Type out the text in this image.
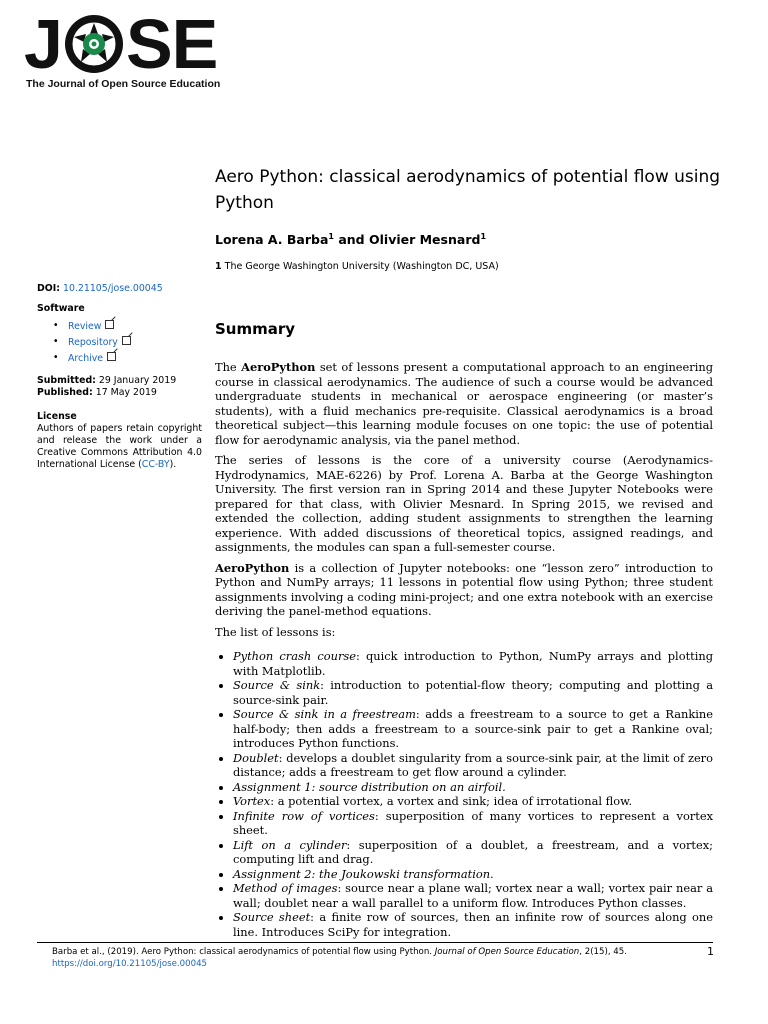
J SE
The Journal of Open Source Education
Aero Python: classical aerodynamics of potential flow using Python
Lorena A. Barba$^1$ and Olivier Mesnard$^1$
1 The George Washington University (Washington DC, USA)
DOI: 10.21105/jose.00045
Software
• Review
• Repository
• Archive
Submitted: 29 January 2019
Published: 17 May 2019
License
Authors of papers retain copyright and release the work under a Creative Commons Attribution 4.0 International License (CC-BY).
Summary

The AeroPython set of lessons present a computational approach to an engineering course in classical aerodynamics. The audience of such a course would be advanced undergraduate students in mechanical or aerospace engineering (or master’s students), with a fluid mechanics pre-requisite. Classical aerodynamics is a broad theoretical subject—this learning module focuses on one topic: the use of potential flow for aerodynamic analysis, via the panel method.

The series of lessons is the core of a university course (Aerodynamics-Hydrodynamics, MAE-6226) by Prof. Lorena A. Barba at the George Washington University. The first version ran in Spring 2014 and these Jupyter Notebooks were prepared for that class, with Olivier Mesnard. In Spring 2015, we revised and extended the collection, adding student assignments to strengthen the learning experience. With added discussions of theoretical topics, assigned readings, and assignments, the modules can span a full-semester course.

AeroPython is a collection of Jupyter notebooks: one “lesson zero” introduction to Python and NumPy arrays; 11 lessons in potential flow using Python; three student assignments involving a coding mini-project; and one extra notebook with an exercise deriving the panel-method equations.

The list of lessons is:

• Python crash course: quick introduction to Python, NumPy arrays and plotting with Matplotlib.
• Source & sink: introduction to potential-flow theory; computing and plotting a source-sink pair.
• Source & sink in a freestream: adds a freestream to a source to get a Rankine half-body; then adds a freestream to a source-sink pair to get a Rankine oval; introduces Python functions.
• Doublet: develops a doublet singularity from a source-sink pair, at the limit of zero distance; adds a freestream to get flow around a cylinder.
• Assignment 1: source distribution on an airfoil.
• Vortex: a potential vortex, a vortex and sink; idea of irrotational flow.
• Infinite row of vortices: superposition of many vortices to represent a vortex sheet.
• Lift on a cylinder: superposition of a doublet, a freestream, and a vortex; computing lift and drag.
• Assignment 2: the Joukowski transformation.
• Method of images: source near a plane wall; vortex near a wall; vortex pair near a wall; doublet near a wall parallel to a uniform flow. Introduces Python classes.
• Source sheet: a finite row of sources, then an infinite row of sources along one line. Introduces SciPy for integration.
Barba et al., (2019). Aero Python: classical aerodynamics of potential flow using Python. Journal of Open Source Education, 2(15), 45.
https://doi.org/10.21105/jose.00045
1
